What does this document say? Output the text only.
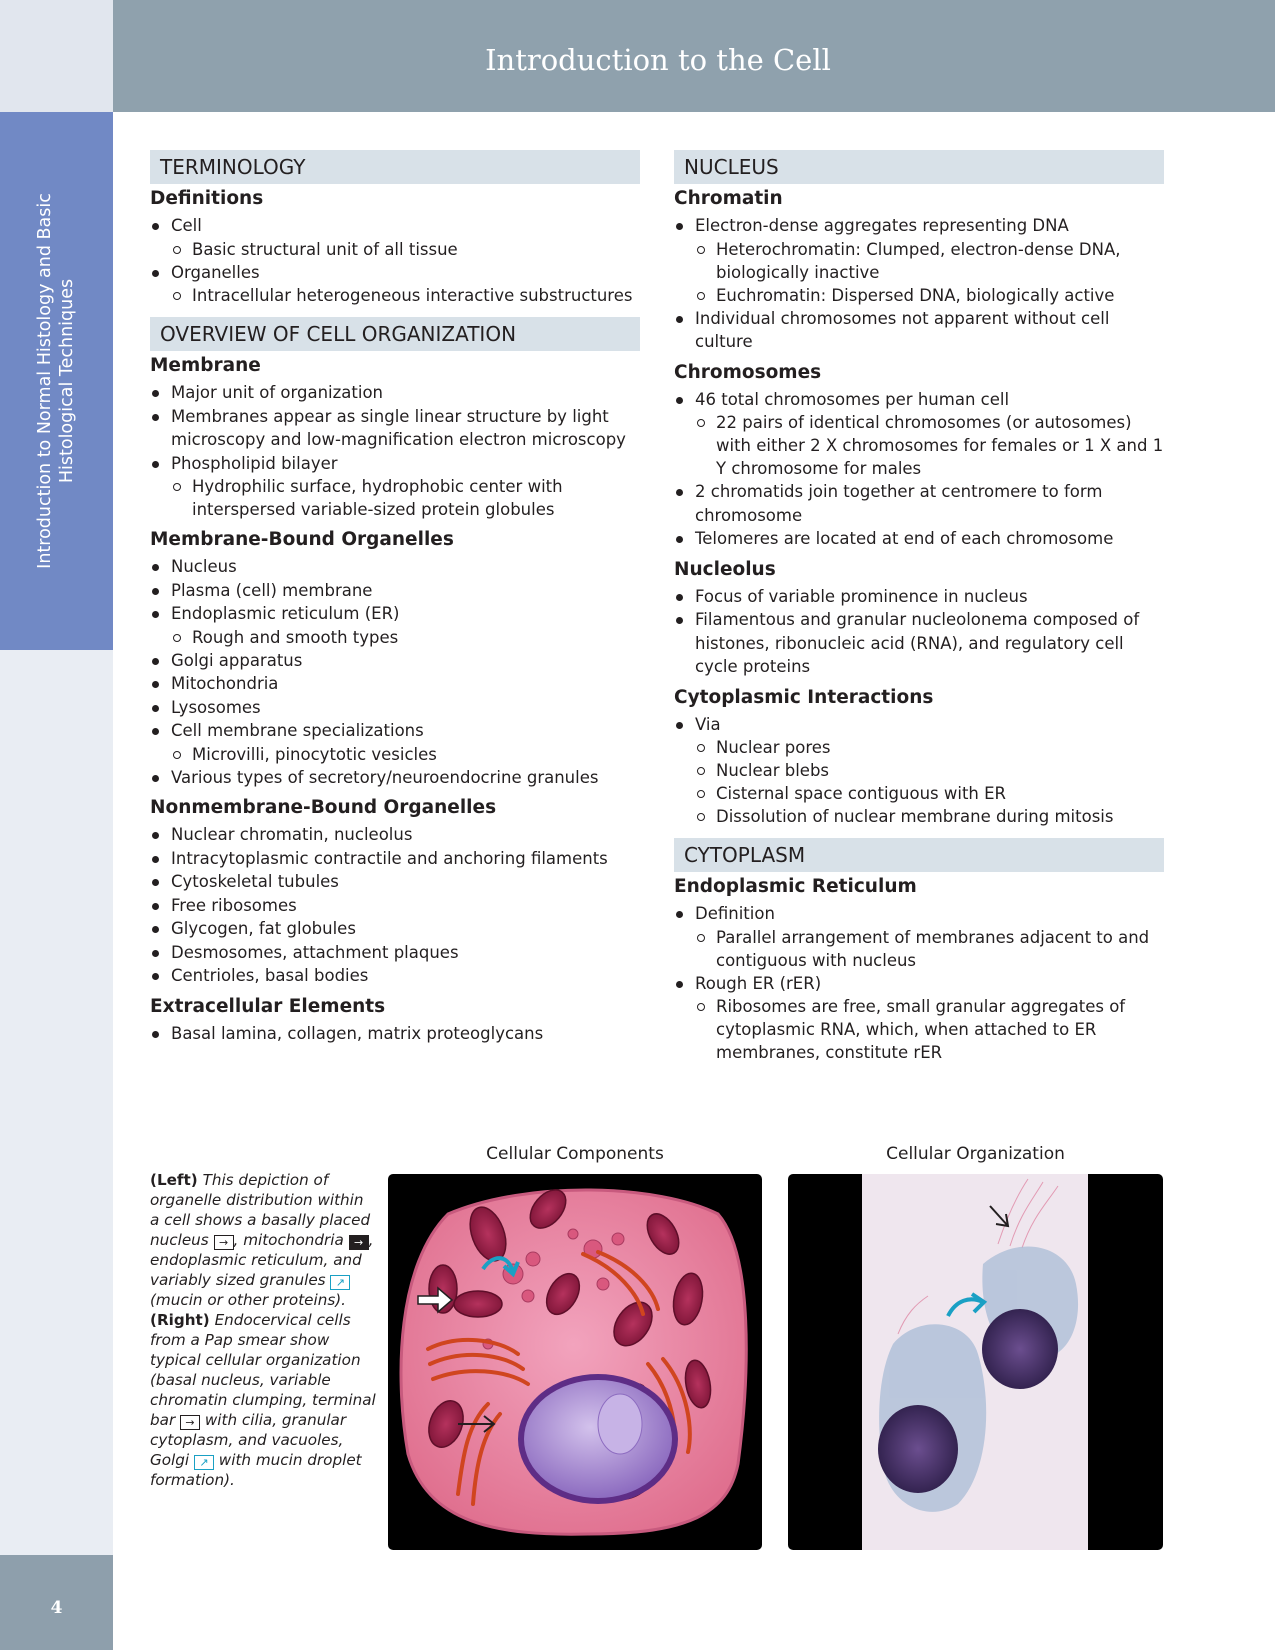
Introduction to Normal Histology and Basic Histological Techniques
4
Introduction to the Cell
TERMINOLOGY
Definitions
Cell
Basic structural unit of all tissue
Organelles
Intracellular heterogeneous interactive substructures
OVERVIEW OF CELL ORGANIZATION
Membrane
Major unit of organization
Membranes appear as single linear structure by light microscopy and low-magnification electron microscopy
Phospholipid bilayer
Hydrophilic surface, hydrophobic center with interspersed variable-sized protein globules
Membrane-Bound Organelles
Nucleus
Plasma (cell) membrane
Endoplasmic reticulum (ER)
Rough and smooth types
Golgi apparatus
Mitochondria
Lysosomes
Cell membrane specializations
Microvilli, pinocytotic vesicles
Various types of secretory/neuroendocrine granules
Nonmembrane-Bound Organelles
Nuclear chromatin, nucleolus
Intracytoplasmic contractile and anchoring filaments
Cytoskeletal tubules
Free ribosomes
Glycogen, fat globules
Desmosomes, attachment plaques
Centrioles, basal bodies
Extracellular Elements
Basal lamina, collagen, matrix proteoglycans
NUCLEUS
Chromatin
Electron-dense aggregates representing DNA
Heterochromatin: Clumped, electron-dense DNA, biologically inactive
Euchromatin: Dispersed DNA, biologically active
Individual chromosomes not apparent without cell culture
Chromosomes
46 total chromosomes per human cell
22 pairs of identical chromosomes (or autosomes) with either 2 X chromosomes for females or 1 X and 1 Y chromosome for males
2 chromatids join together at centromere to form chromosome
Telomeres are located at end of each chromosome
Nucleolus
Focus of variable prominence in nucleus
Filamentous and granular nucleolonema composed of histones, ribonucleic acid (RNA), and regulatory cell cycle proteins
Cytoplasmic Interactions
Via
Nuclear pores
Nuclear blebs
Cisternal space contiguous with ER
Dissolution of nuclear membrane during mitosis
CYTOPLASM
Endoplasmic Reticulum
Definition
Parallel arrangement of membranes adjacent to and contiguous with nucleus
Rough ER (rER)
Ribosomes are free, small granular aggregates of cytoplasmic RNA, which, when attached to ER membranes, constitute rER
Cellular Components	Cellular Organization
(Left) This depiction of organelle distribution within a cell shows a basally placed nucleus → , mitochondria → , endoplasmic reticulum, and variably sized granules ↗ (mucin or other proteins). (Right) Endocervical cells from a Pap smear show typical cellular organization (basal nucleus, variable chromatin clumping, terminal bar → with cilia, granular cytoplasm, and vacuoles, Golgi ↗ with mucin droplet formation).
